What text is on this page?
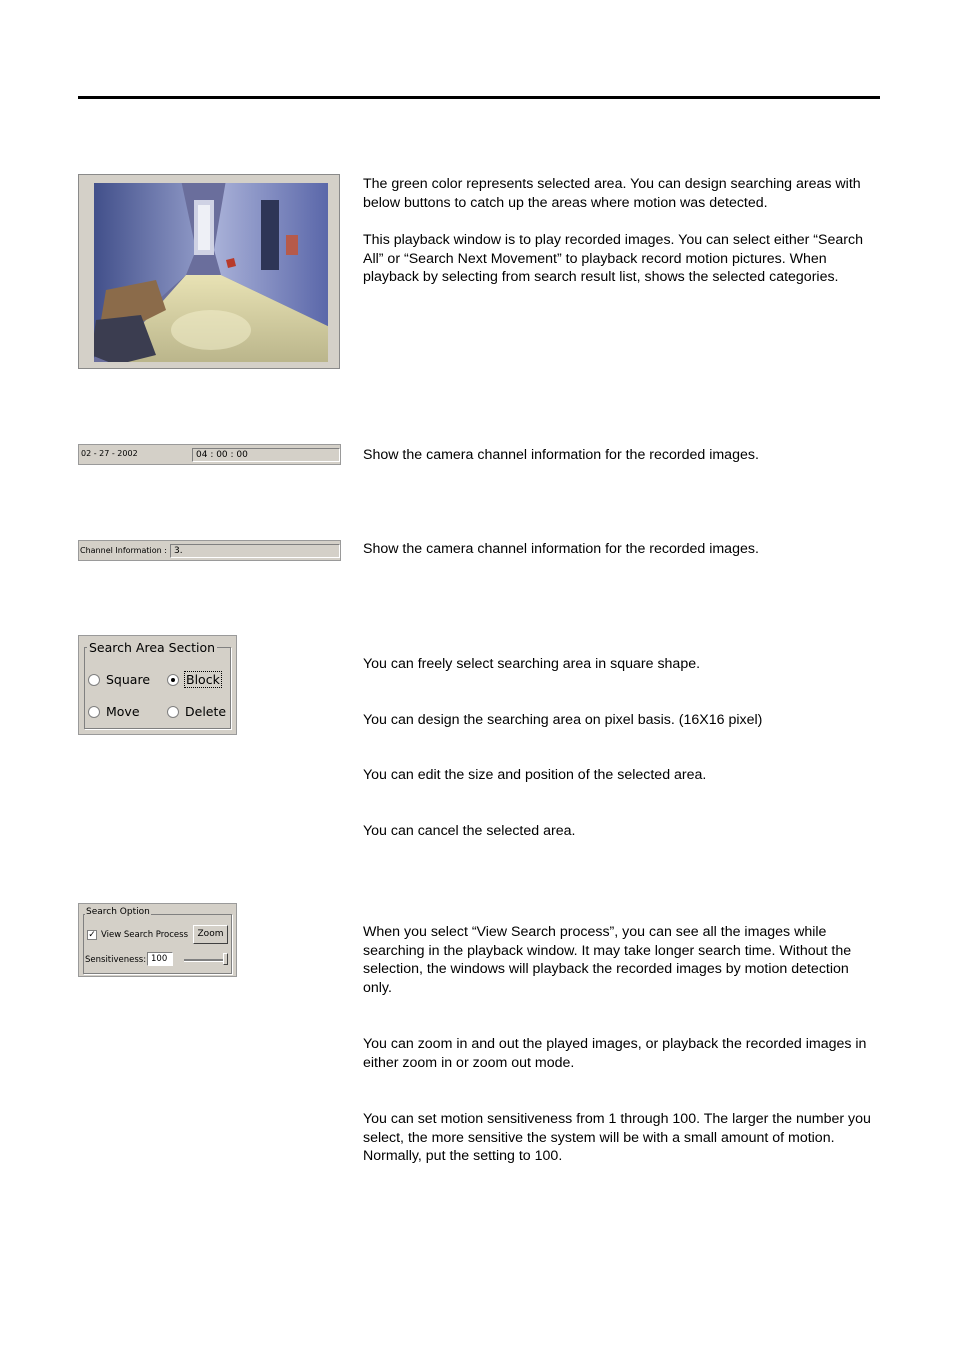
The green color represents selected area. You can design searching areas with below buttons to catch up the areas where motion was detected.

This playback window is to play recorded images. You can select either “Search All” or “Search Next Movement” to playback record motion pictures. When playback by selecting from search result list, shows the selected categories.

02 - 27 - 2002	04 : 00 : 00	Show the camera channel information for the recorded images.

Channel Information : 3.	Show the camera channel information for the recorded images.

Search Area Section
Square	Block
Move	Delete

You can freely select searching area in square shape.

You can design the searching area on pixel basis. (16X16 pixel)

You can edit the size and position of the selected area.

You can cancel the selected area.

Search Option
✓ View Search Process	Zoom
Sensitiveness: 100

When you select “View Search process”, you can see all the images while searching in the playback window. It may take longer search time. Without the selection, the windows will playback the recorded images by motion detection only.

You can zoom in and out the played images, or playback the recorded images in either zoom in or zoom out mode.

You can set motion sensitiveness from 1 through 100. The larger the number you select, the more sensitive the system will be with a small amount of motion. Normally, put the setting to 100.
